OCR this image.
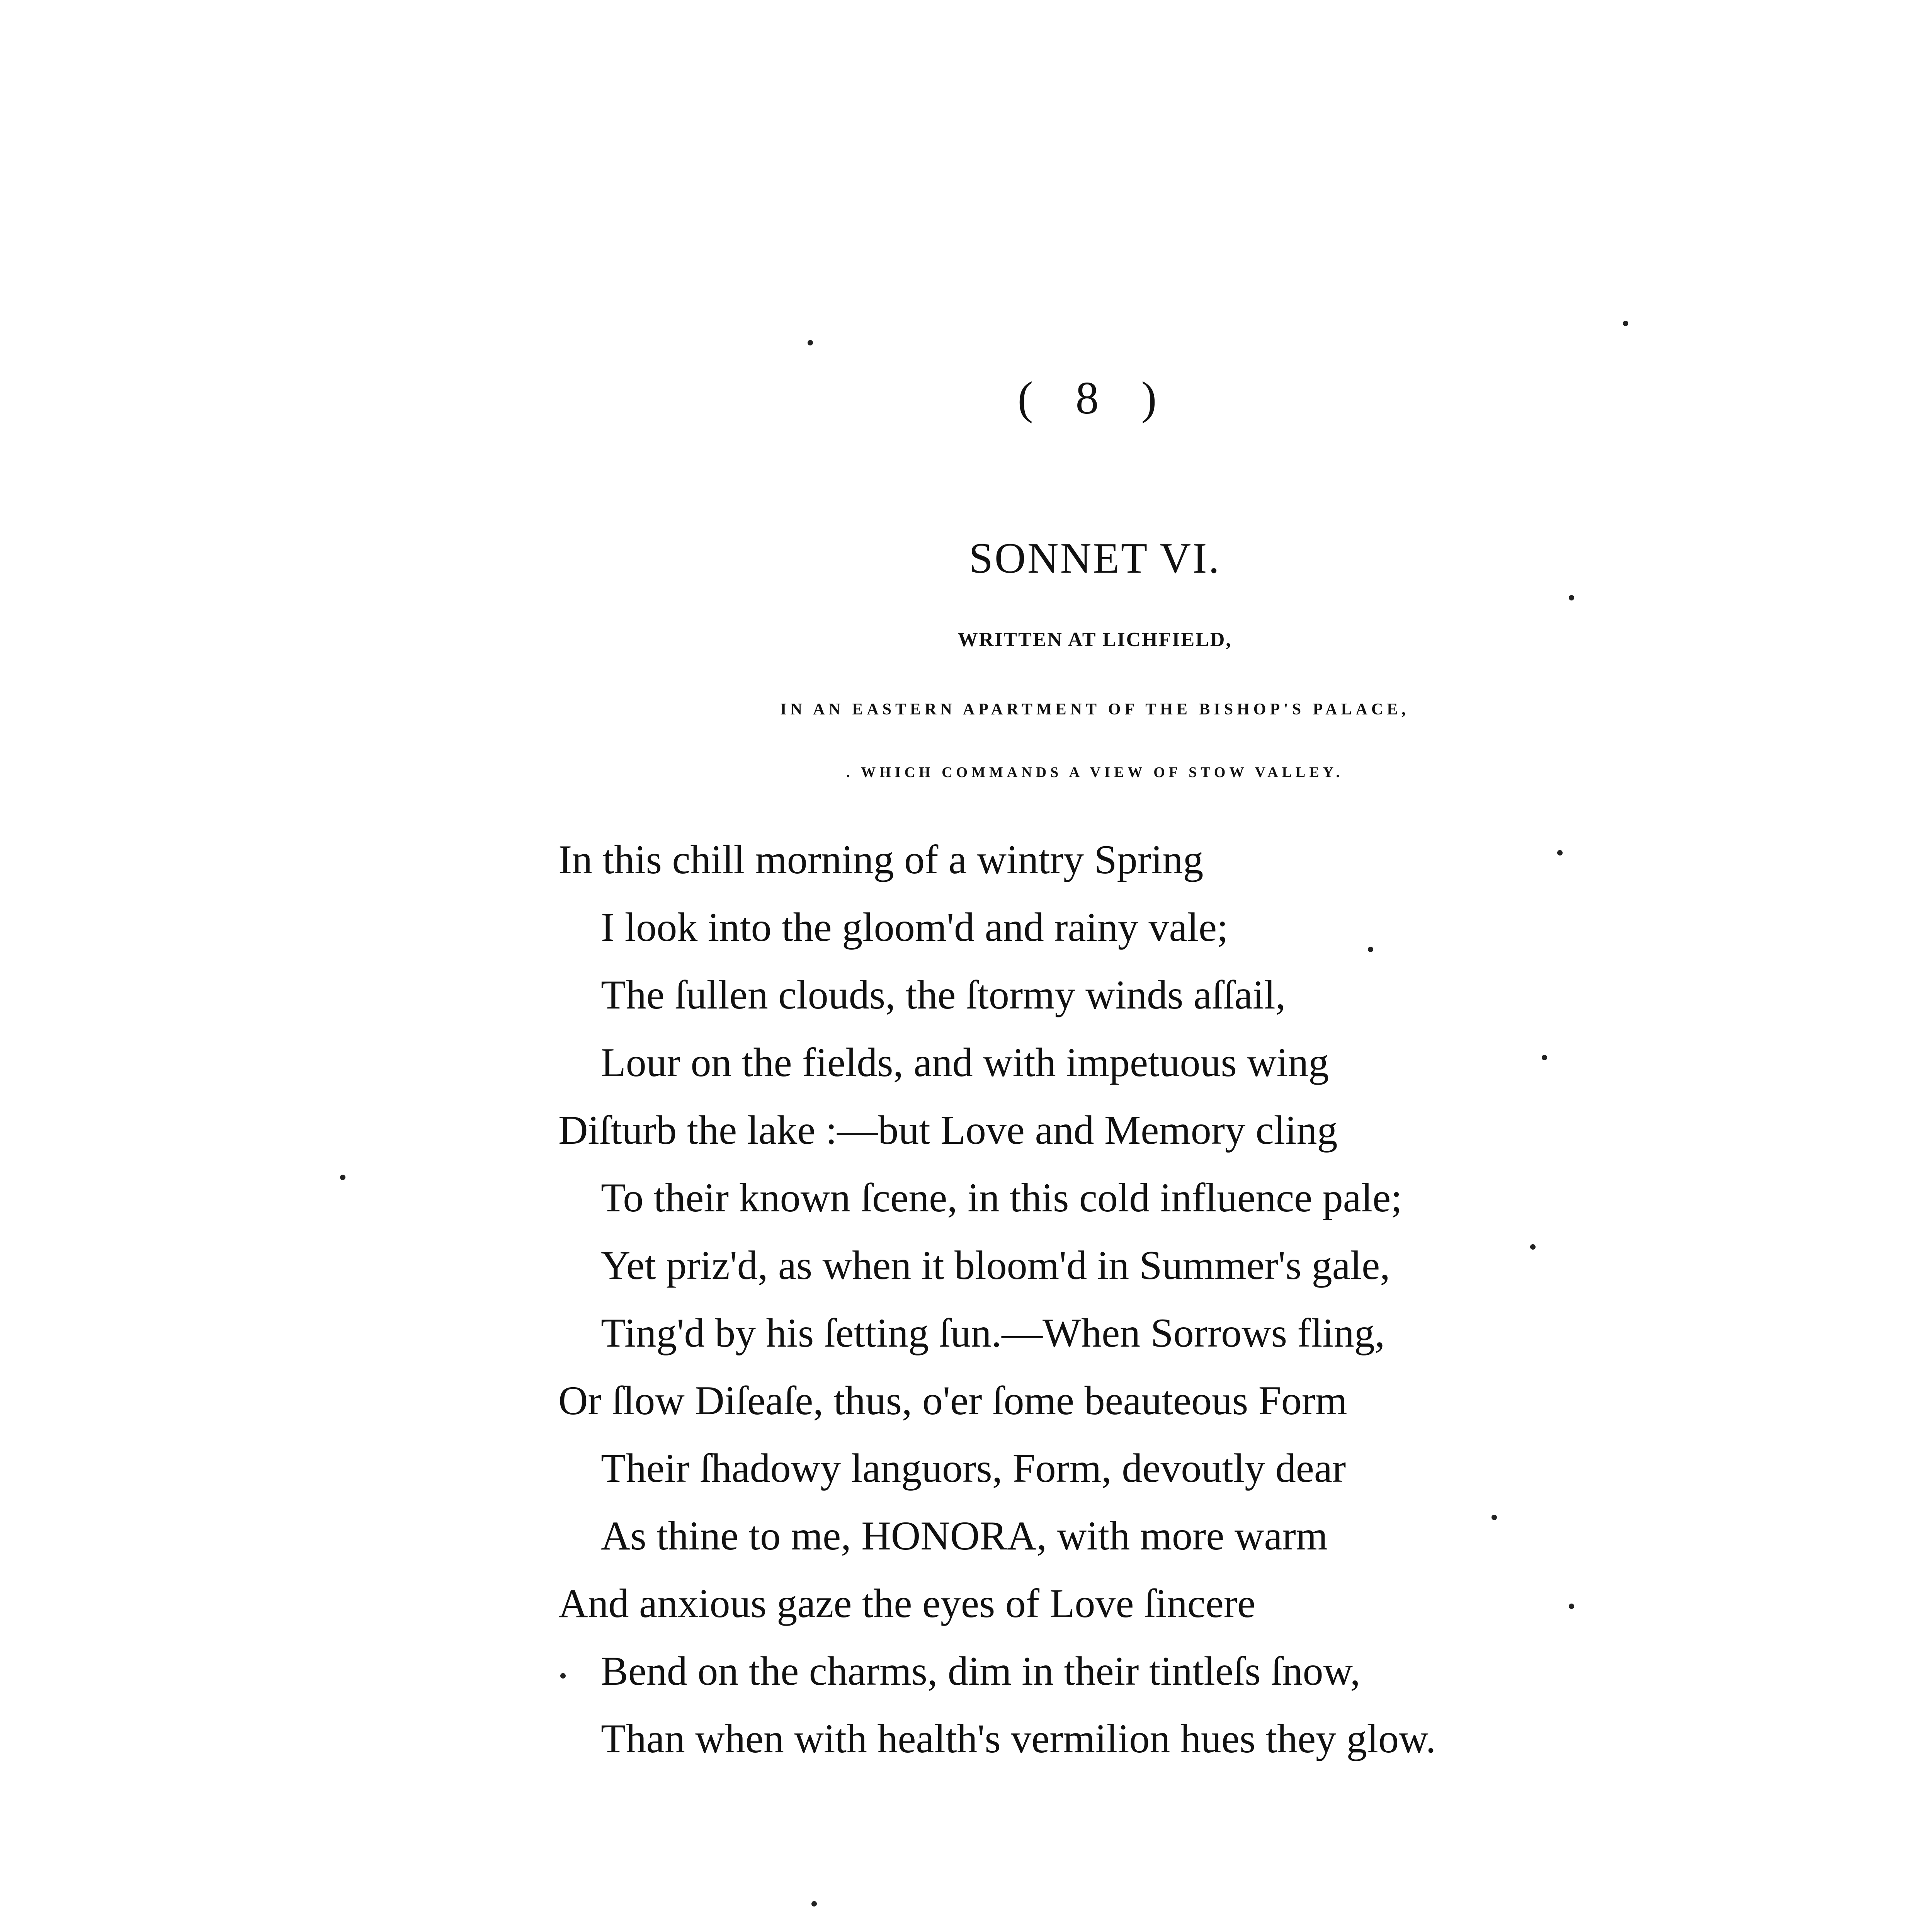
( 8 )
SONNET VI.
WRITTEN AT LICHFIELD,
IN AN EASTERN APARTMENT OF THE BISHOP'S PALACE,
. WHICH COMMANDS A VIEW OF STOW VALLEY.
In this chill morning of a wintry Spring
I look into the gloom'd and rainy vale;
The ſullen clouds, the ſtormy winds aſſail,
Lour on the fields, and with impetuous wing
Diſturb the lake :—but Love and Memory cling
To their known ſcene, in this cold influence pale;
Yet priz'd, as when it bloom'd in Summer's gale,
Ting'd by his ſetting ſun.—When Sorrows fling,
Or ſlow Diſeaſe, thus, o'er ſome beauteous Form
Their ſhadowy languors, Form, devoutly dear
As thine to me, HONORA, with more warm
And anxious gaze the eyes of Love ſincere
Bend on the charms, dim in their tintleſs ſnow,
Than when with health's vermilion hues they glow.
